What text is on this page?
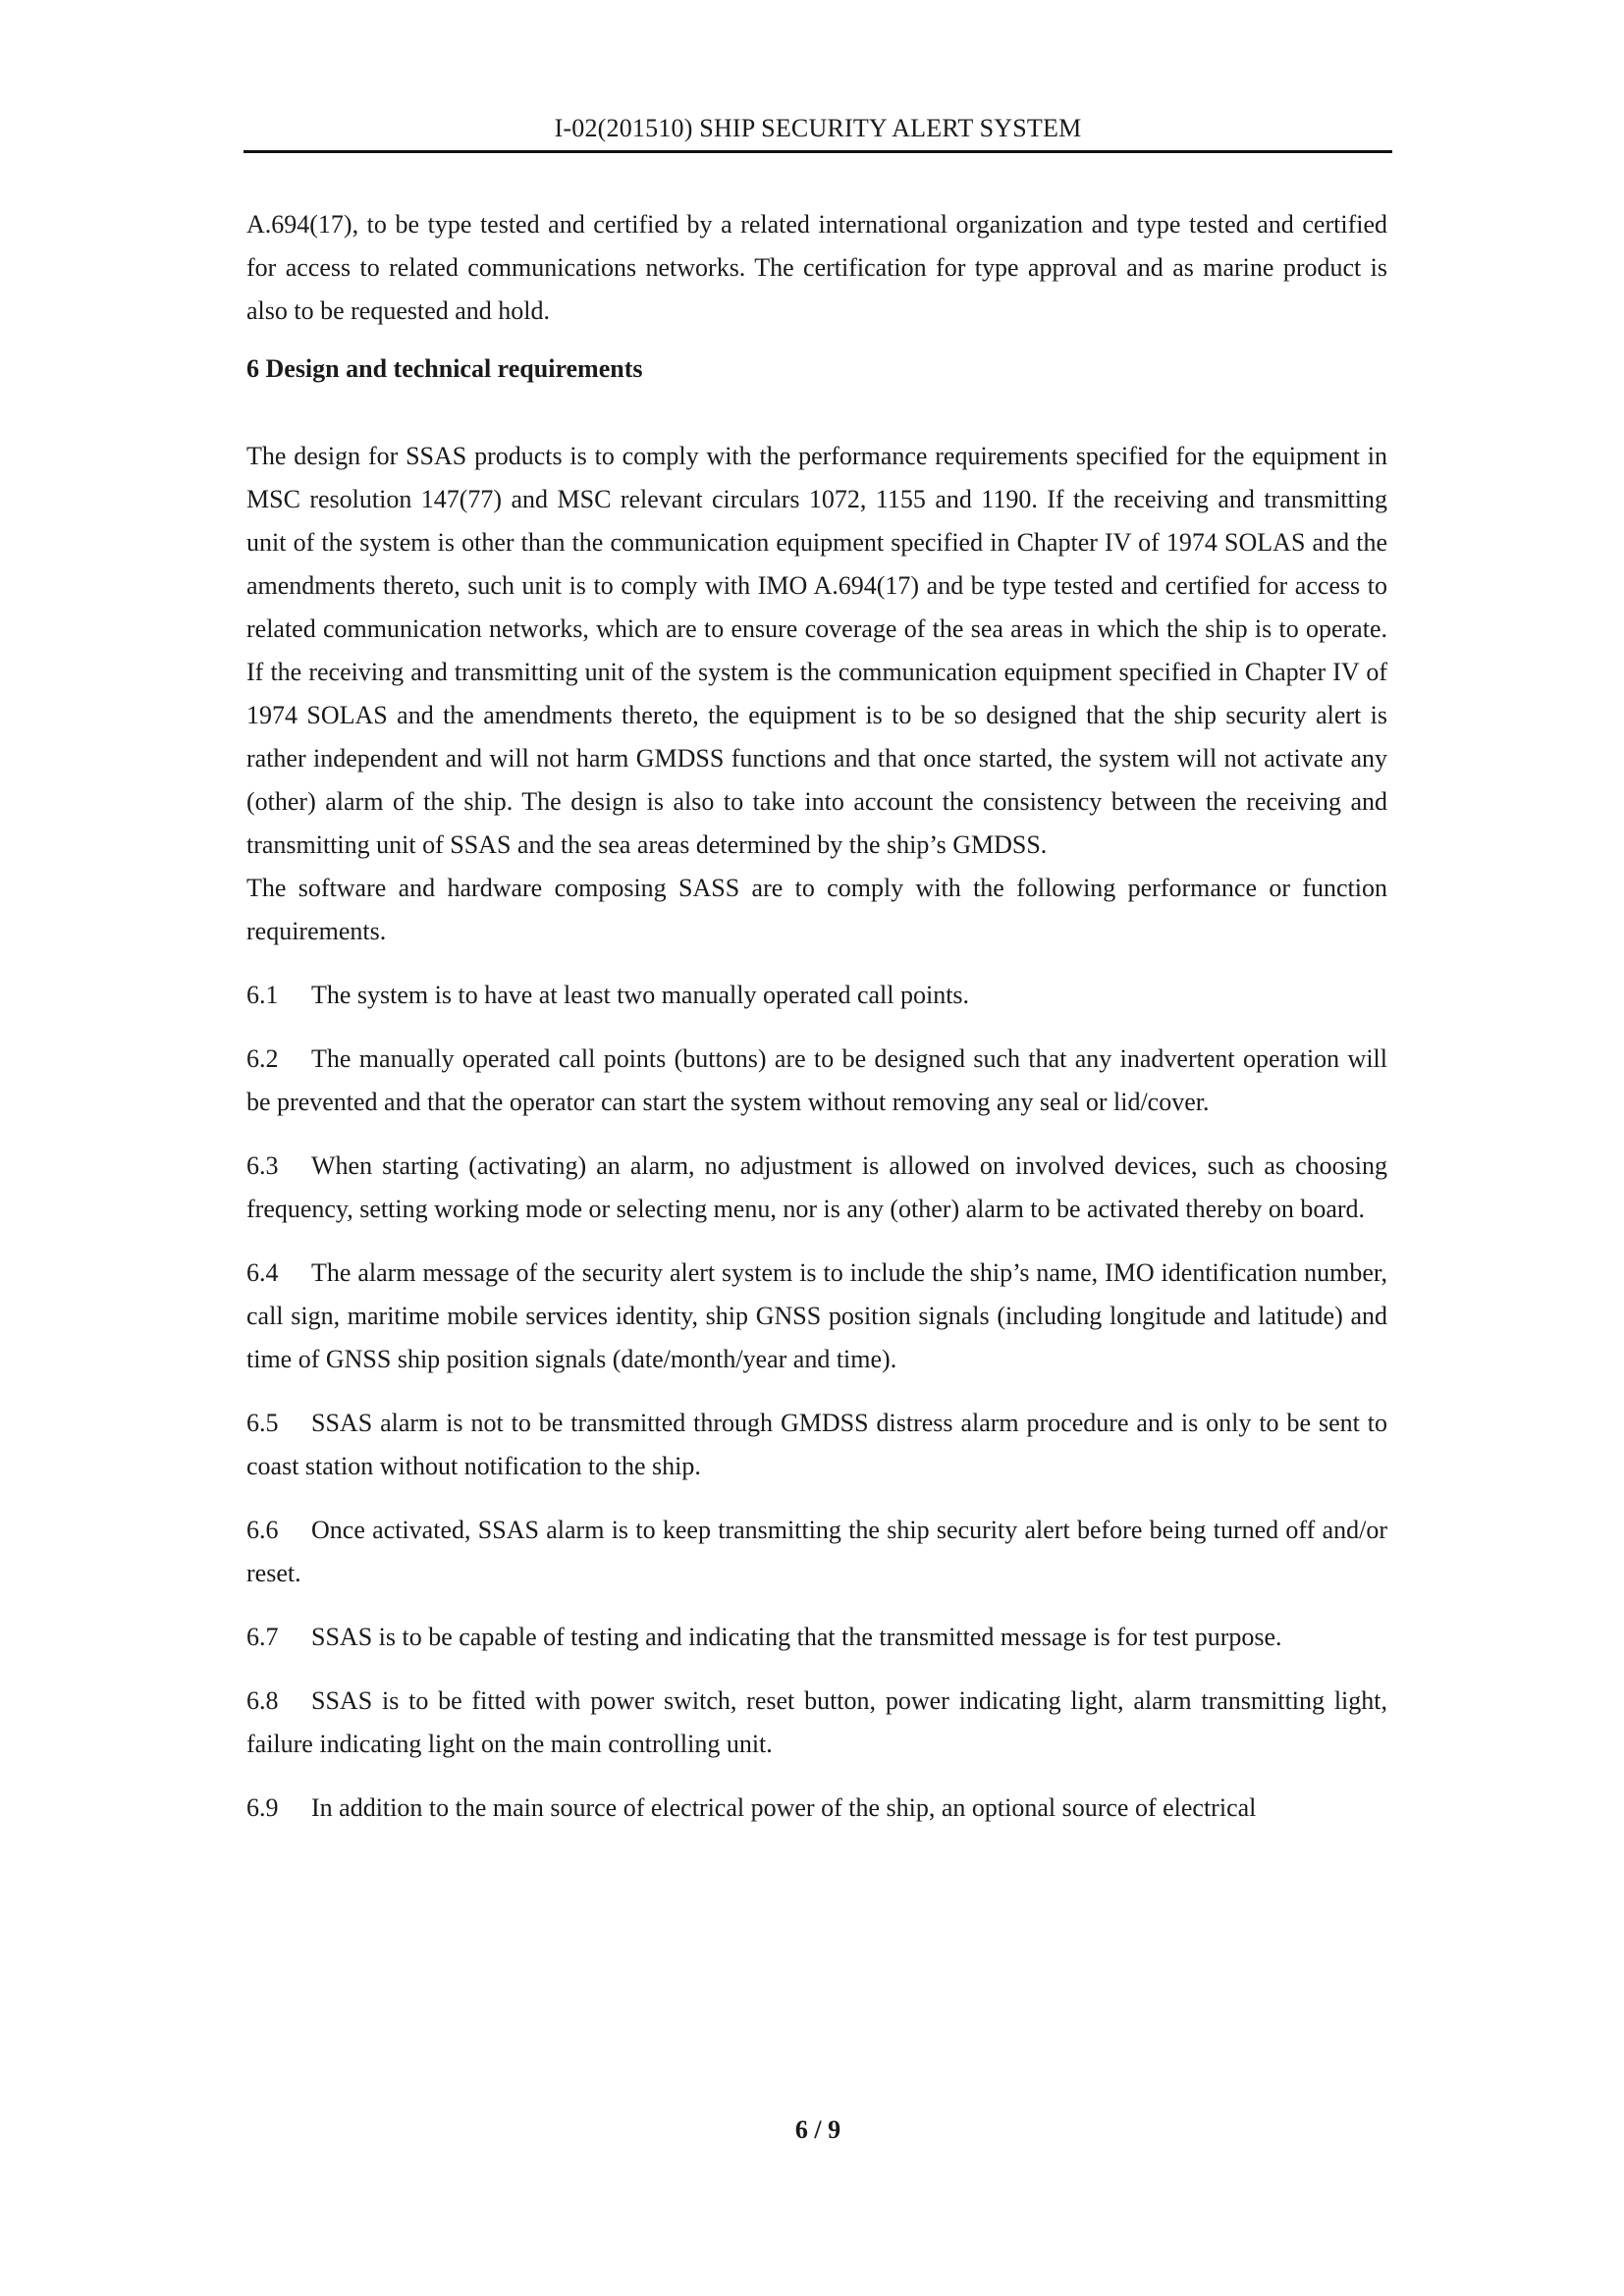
I-02(201510) SHIP SECURITY ALERT SYSTEM

A.694(17), to be type tested and certified by a related international organization and type tested and certified for access to related communications networks. The certification for type approval and as marine product is also to be requested and hold.

6 Design and technical requirements

The design for SSAS products is to comply with the performance requirements specified for the equipment in MSC resolution 147(77) and MSC relevant circulars 1072, 1155 and 1190. If the receiving and transmitting unit of the system is other than the communication equipment specified in Chapter IV of 1974 SOLAS and the amendments thereto, such unit is to comply with IMO A.694(17) and be type tested and certified for access to related communication networks, which are to ensure coverage of the sea areas in which the ship is to operate. If the receiving and transmitting unit of the system is the communication equipment specified in Chapter IV of 1974 SOLAS and the amendments thereto, the equipment is to be so designed that the ship security alert is rather independent and will not harm GMDSS functions and that once started, the system will not activate any (other) alarm of the ship. The design is also to take into account the consistency between the receiving and transmitting unit of SSAS and the sea areas determined by the ship’s GMDSS.

The software and hardware composing SASS are to comply with the following performance or function requirements.

6.1 The system is to have at least two manually operated call points.

6.2 The manually operated call points (buttons) are to be designed such that any inadvertent operation will be prevented and that the operator can start the system without removing any seal or lid/cover.

6.3 When starting (activating) an alarm, no adjustment is allowed on involved devices, such as choosing frequency, setting working mode or selecting menu, nor is any (other) alarm to be activated thereby on board.

6.4 The alarm message of the security alert system is to include the ship’s name, IMO identification number, call sign, maritime mobile services identity, ship GNSS position signals (including longitude and latitude) and time of GNSS ship position signals (date/month/year and time).

6.5 SSAS alarm is not to be transmitted through GMDSS distress alarm procedure and is only to be sent to coast station without notification to the ship.

6.6 Once activated, SSAS alarm is to keep transmitting the ship security alert before being turned off and/or reset.

6.7 SSAS is to be capable of testing and indicating that the transmitted message is for test purpose.

6.8 SSAS is to be fitted with power switch, reset button, power indicating light, alarm transmitting light, failure indicating light on the main controlling unit.

6.9 In addition to the main source of electrical power of the ship, an optional source of electrical

6 / 9
